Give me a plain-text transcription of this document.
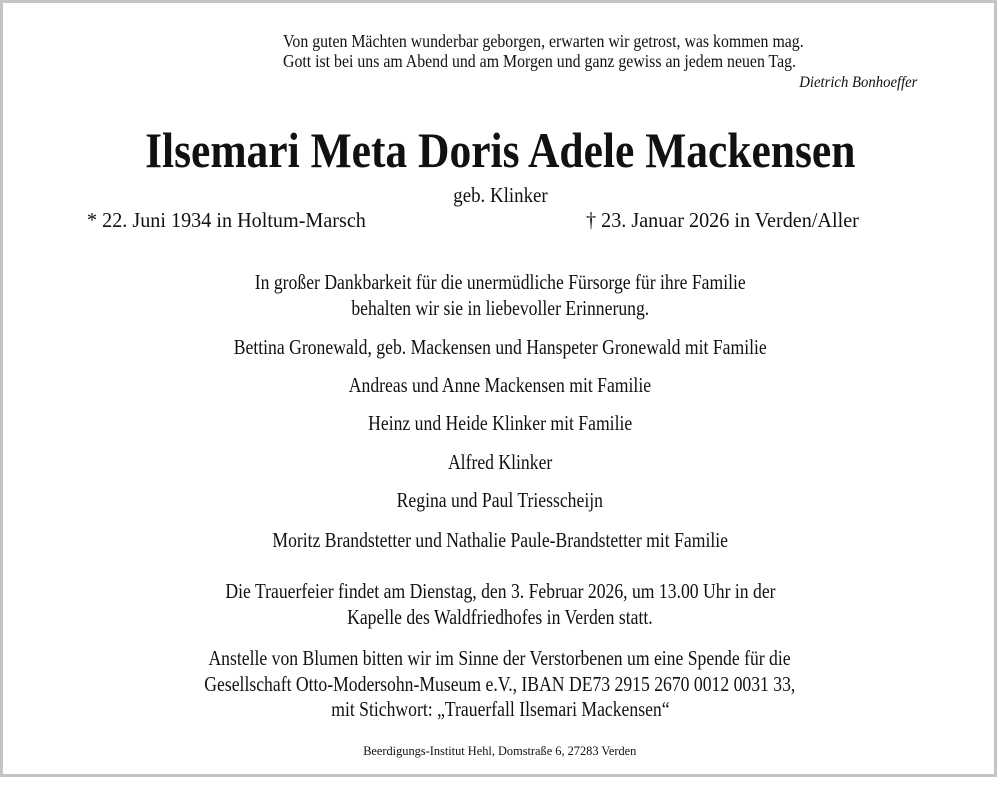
Von guten Mächten wunderbar geborgen, erwarten wir getrost, was kommen mag.
Gott ist bei uns am Abend und am Morgen und ganz gewiss an jedem neuen Tag.
Dietrich Bonhoeffer
Ilsemari Meta Doris Adele Mackensen
geb. Klinker
* 22. Juni 1934 in Holtum-Marsch	† 23. Januar 2026 in Verden/Aller
In großer Dankbarkeit für die unermüdliche Fürsorge für ihre Familie
behalten wir sie in liebevoller Erinnerung.
Bettina Gronewald, geb. Mackensen und Hanspeter Gronewald mit Familie
Andreas und Anne Mackensen mit Familie
Heinz und Heide Klinker mit Familie
Alfred Klinker
Regina und Paul Triesscheijn
Moritz Brandstetter und Nathalie Paule-Brandstetter mit Familie
Die Trauerfeier findet am Dienstag, den 3. Februar 2026, um 13.00 Uhr in der
Kapelle des Waldfriedhofes in Verden statt.
Anstelle von Blumen bitten wir im Sinne der Verstorbenen um eine Spende für die
Gesellschaft Otto-Modersohn-Museum e.V., IBAN DE73 2915 2670 0012 0031 33,
mit Stichwort: „Trauerfall Ilsemari Mackensen“
Beerdigungs-Institut Hehl, Domstraße 6, 27283 Verden
